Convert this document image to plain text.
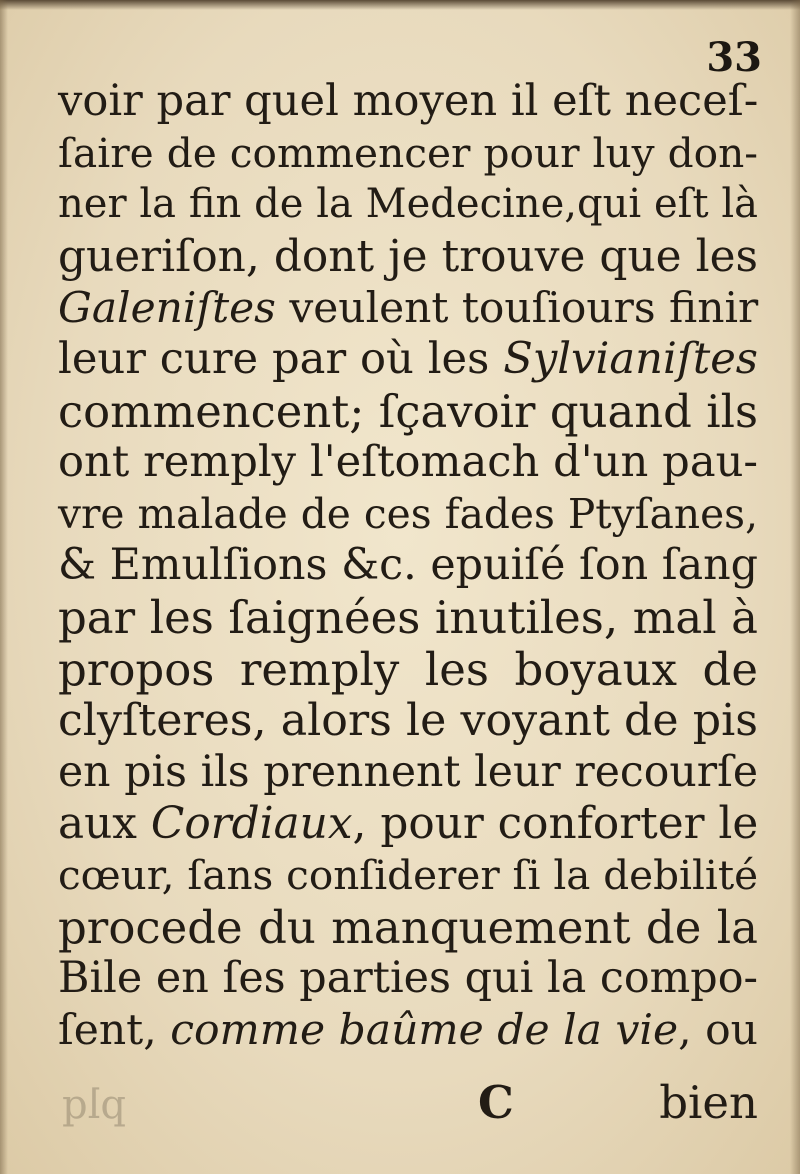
33
voir par quel moyen il eſt neceſ-
ſaire de commencer pour luy don-
ner la fin de la Medecine,qui eſt là
gueriſon, dont je trouve que les
Galeniſtes veulent touſiours finir
leur cure par où les Sylvianiſtes
commencent; ſçavoir quand ils
ont remply l'eſtomach d'un pau-
vre malade de ces fades Ptyſanes,
& Emulſions &c. epuiſé ſon ſang
par les ſaignées inutiles, mal à
propos remply les boyaux de
clyſteres, alors le voyant de pis
en pis ils prennent leur recourſe
aux Cordiaux, pour conforter le
cœur, ſans conſiderer ſi la debilité
procede du manquement de la
Bile en ſes parties qui la compo-
ſent, comme baûme de la vie, ou
plq	C	bien
